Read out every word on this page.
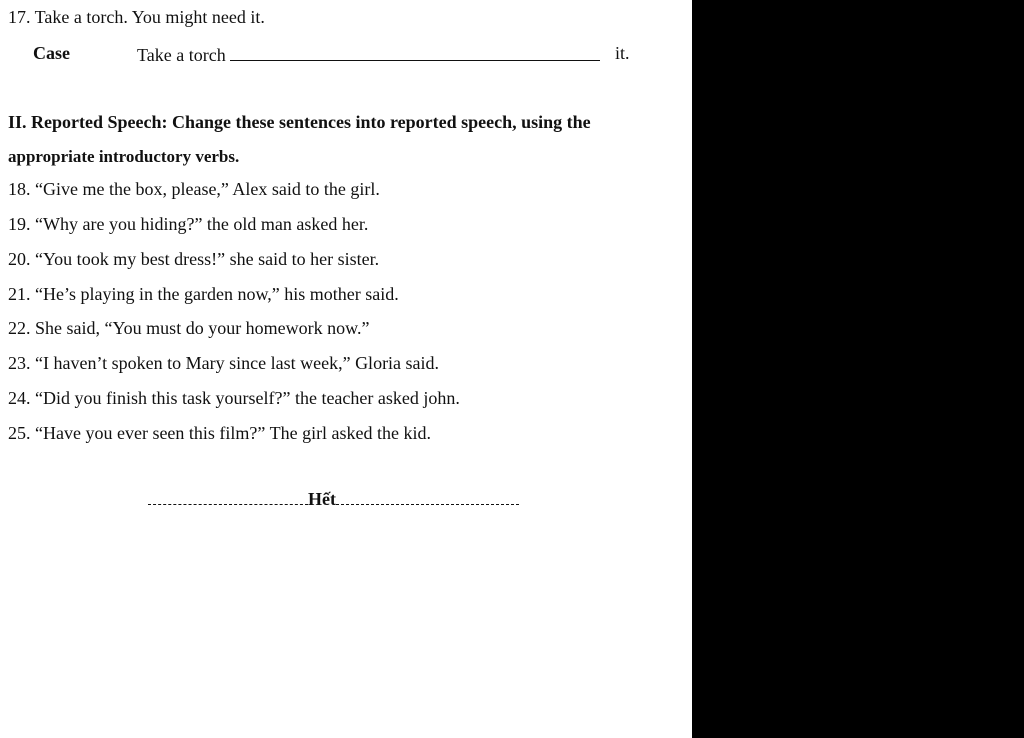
17. Take a torch. You might need it.
Case	Take a torch	it.
II. Reported Speech: Change these sentences into reported speech, using the
appropriate introductory verbs.
18. “Give me the box, please,” Alex said to the girl.
19. “Why are you hiding?” the old man asked her.
20. “You took my best dress!” she said to her sister.
21. “He’s playing in the garden now,” his mother said.
22. She said, “You must do your homework now.”
23. “I haven’t spoken to Mary since last week,” Gloria said.
24. “Did you finish this task yourself?” the teacher asked john.
25. “Have you ever seen this film?” The girl asked the kid.
Hết
